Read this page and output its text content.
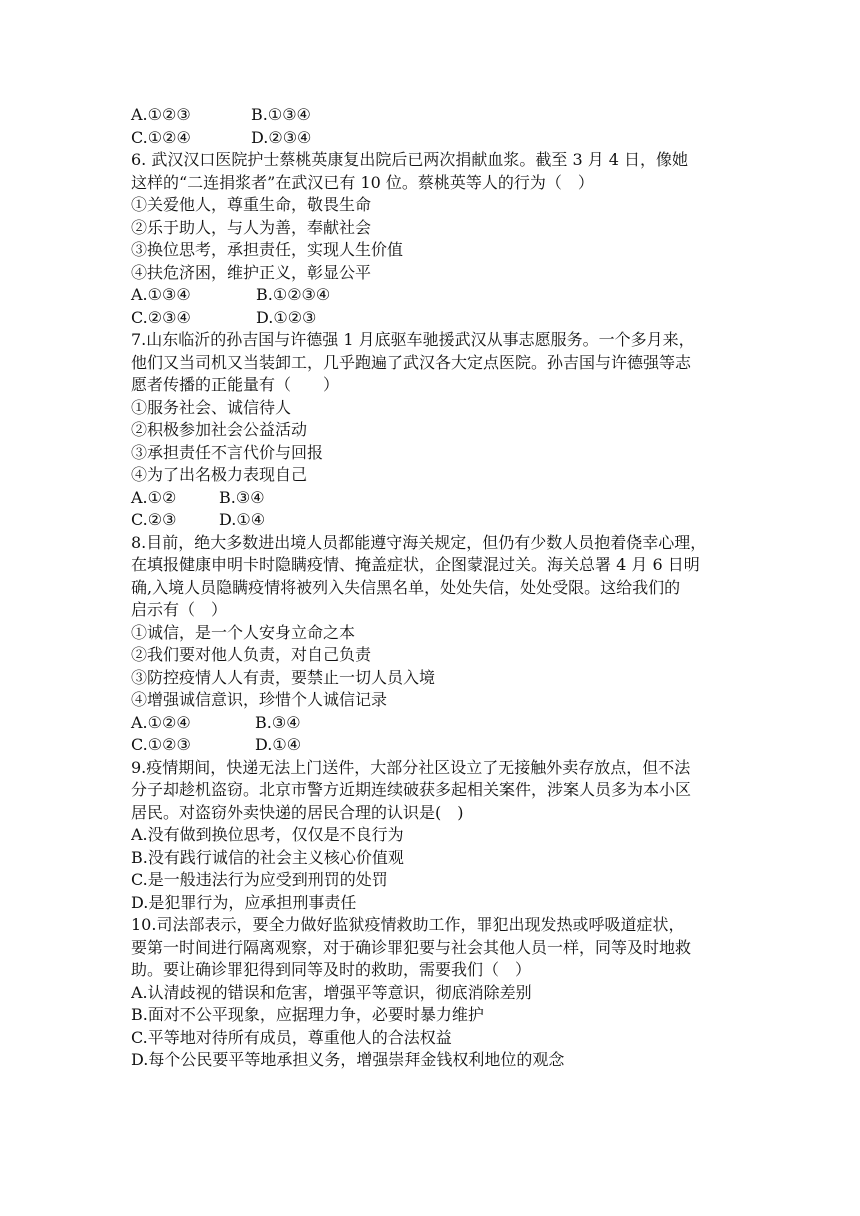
A.①②③	B.①③④
C.①②④	D.②③④
6. 武汉汉口医院护士蔡桃英康复出院后已两次捐献血浆。截至 3 月 4 日，像她
这样的“二连捐浆者”在武汉已有 10 位。蔡桃英等人的行为（　）
①关爱他人，尊重生命，敬畏生命
②乐于助人，与人为善，奉献社会
③换位思考，承担责任，实现人生价值
④扶危济困，维护正义，彰显公平
A.①③④	B.①②③④
C.②③④	D.①②③
7.山东临沂的孙吉国与许德强 1 月底驱车驰援武汉从事志愿服务。一个多月来，
他们又当司机又当装卸工，几乎跑遍了武汉各大定点医院。孙吉国与许德强等志
愿者传播的正能量有（　　）
①服务社会、诚信待人
②积极参加社会公益活动
③承担责任不言代价与回报
④为了出名极力表现自己
A.①②	B.③④
C.②③	D.①④
8.目前，绝大多数进出境人员都能遵守海关规定，但仍有少数人员抱着侥幸心理，
在填报健康申明卡时隐瞒疫情、掩盖症状，企图蒙混过关。海关总署 4 月 6 日明
确,入境人员隐瞒疫情将被列入失信黑名单，处处失信，处处受限。这给我们的
启示有（　）
①诚信，是一个人安身立命之本
②我们要对他人负责，对自己负责
③防控疫情人人有责，要禁止一切人员入境
④增强诚信意识，珍惜个人诚信记录
A.①②④	B.③④
C.①②③	D.①④
9.疫情期间，快递无法上门送件，大部分社区设立了无接触外卖存放点，但不法
分子却趁机盗窃。北京市警方近期连续破获多起相关案件，涉案人员多为本小区
居民。对盗窃外卖快递的居民合理的认识是(　)
A.没有做到换位思考，仅仅是不良行为
B.没有践行诚信的社会主义核心价值观
C.是一般违法行为应受到刑罚的处罚
D.是犯罪行为，应承担刑事责任
10.司法部表示，要全力做好监狱疫情救助工作，罪犯出现发热或呼吸道症状，
要第一时间进行隔离观察，对于确诊罪犯要与社会其他人员一样，同等及时地救
助。要让确诊罪犯得到同等及时的救助，需要我们（　）
A.认清歧视的错误和危害，增强平等意识，彻底消除差别
B.面对不公平现象，应据理力争，必要时暴力维护
C.平等地对待所有成员，尊重他人的合法权益
D.每个公民要平等地承担义务，增强崇拜金钱权利地位的观念
